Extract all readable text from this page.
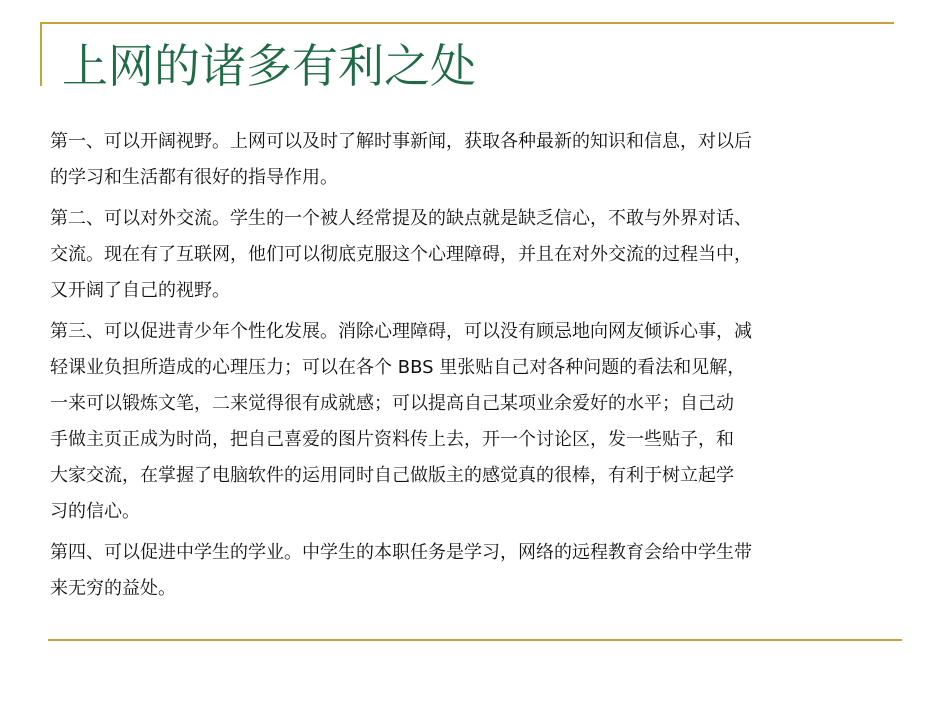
上网的诸多有利之处

第一、可以开阔视野。上网可以及时了解时事新闻，获取各种最新的知识和信息，对以后
的学习和生活都有很好的指导作用。

第二、可以对外交流。学生的一个被人经常提及的缺点就是缺乏信心，不敢与外界对话、
交流。现在有了互联网，他们可以彻底克服这个心理障碍，并且在对外交流的过程当中，
又开阔了自己的视野。

第三、可以促进青少年个性化发展。消除心理障碍，可以没有顾忌地向网友倾诉心事，减
轻课业负担所造成的心理压力；可以在各个 BBS 里张贴自己对各种问题的看法和见解，
一来可以锻炼文笔，二来觉得很有成就感；可以提高自己某项业余爱好的水平；自己动
手做主页正成为时尚，把自己喜爱的图片资料传上去，开一个讨论区，发一些贴子，和
大家交流，在掌握了电脑软件的运用同时自己做版主的感觉真的很棒，有利于树立起学
习的信心。

第四、可以促进中学生的学业。中学生的本职任务是学习，网络的远程教育会给中学生带
来无穷的益处。
